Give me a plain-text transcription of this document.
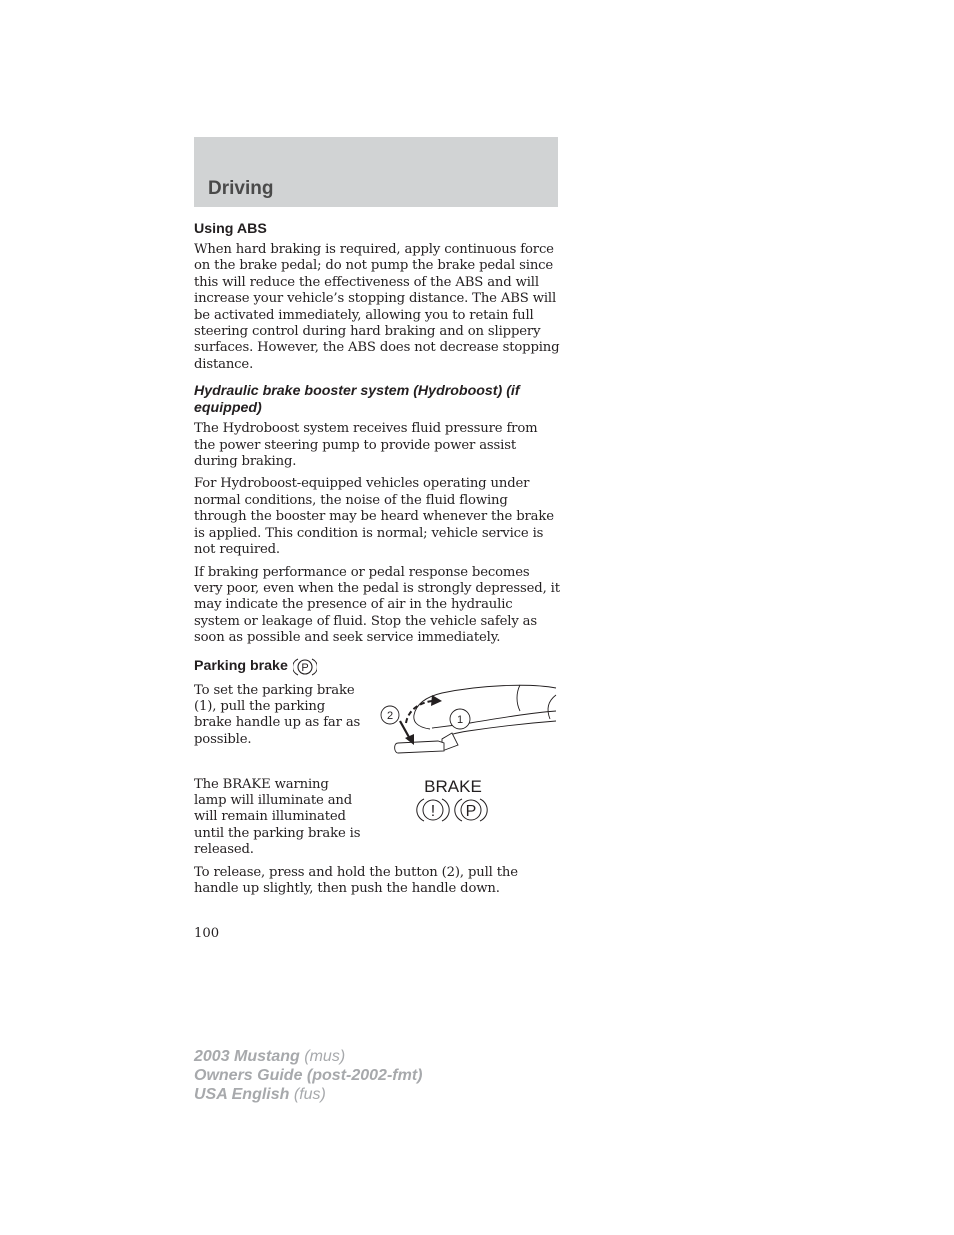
Driving
Using ABS

When hard braking is required, apply continuous force on the brake pedal; do not pump the brake pedal since this will reduce the effectiveness of the ABS and will increase your vehicle’s stopping distance. The ABS will be activated immediately, allowing you to retain full steering control during hard braking and on slippery surfaces. However, the ABS does not decrease stopping distance.

Hydraulic brake booster system (Hydroboost) (if equipped)

The Hydroboost system receives fluid pressure from the power steering pump to provide power assist during braking.

For Hydroboost-equipped vehicles operating under normal conditions, the noise of the fluid flowing through the booster may be heard whenever the brake is applied. This condition is normal; vehicle service is not required.

If braking performance or pedal response becomes very poor, even when the pedal is strongly depressed, it may indicate the presence of air in the hydraulic system or leakage of fluid. Stop the vehicle safely as soon as possible and seek service immediately.

Parking brake P

To set the parking brake (1), pull the parking brake handle up as far as possible.

2	1

The BRAKE warning lamp will illuminate and will remain illuminated until the parking brake is released.

BRAKE
! P

To release, press and hold the button (2), pull the handle up slightly, then push the handle down.

100
2003 Mustang (mus)
Owners Guide (post-2002-fmt)
USA English (fus)
